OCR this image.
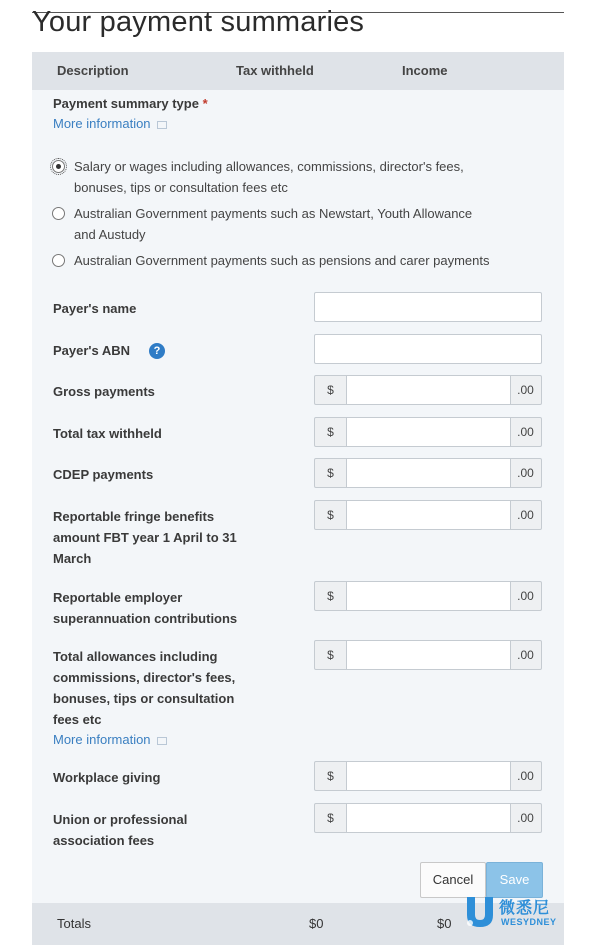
Your payment summaries
Description	Tax withheld	Income
Payment summary type *
More information
Salary or wages including allowances, commissions, director's fees,
bonuses, tips or consultation fees etc
Australian Government payments such as Newstart, Youth Allowance
and Austudy
Australian Government payments such as pensions and carer payments
Payer's name
Payer's ABN	?
Gross payments	$	.00
Total tax withheld	$	.00
CDEP payments	$	.00
Reportable fringe benefits
amount FBT year 1 April to 31
March
$	.00
Reportable employer
superannuation contributions
$	.00
Total allowances including
commissions, director's fees,
bonuses, tips or consultation
fees etc
$	.00
More information
Workplace giving	$	.00
Union or professional
association fees
$	.00
Cancel	Save
Totals	$0	$0
微悉尼
WESYDNEY
